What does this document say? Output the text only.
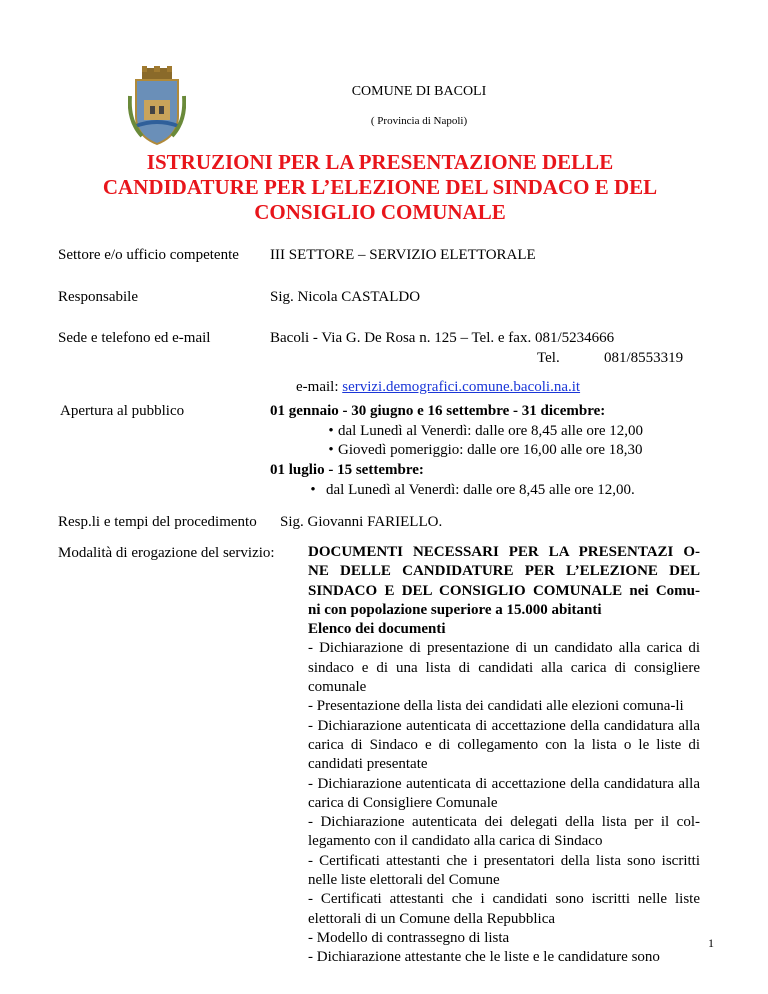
COMUNE DI BACOLI
( Provincia di Napoli)
ISTRUZIONI PER LA PRESENTAZIONE DELLE
CANDIDATURE PER L’ELEZIONE DEL SINDACO E DEL
CONSIGLIO COMUNALE
Settore e/o ufficio competente III SETTORE – SERVIZIO ELETTORALE
Responsabile	Sig. Nicola CASTALDO
Sede e telefono ed e-mail	Bacoli - Via G. De Rosa n. 125 – Tel. e fax. 081/5234666
Tel.	081/8553319
e-mail: servizi.demografici.comune.bacoli.na.it
Apertura al pubblico	01 gennaio - 30 giugno e 16 settembre - 31 dicembre:
• dal Lunedì al Venerdì: dalle ore 8,45 alle ore 12,00
• Giovedì pomeriggio: dalle ore 16,00 alle ore 18,30
01 luglio - 15 settembre:
• dal Lunedì al Venerdì: dalle ore 8,45 alle ore 12,00.
Resp.li e tempi del procedimento Sig. Giovanni FARIELLO.
Modalità di erogazione del servizio: DOCUMENTI NECESSARI PER LA PRESENTAZI O-

NE DELLE CANDIDATURE PER L’ELEZIONE DEL

SINDACO E DEL CONSIGLIO COMUNALE nei Comu-

ni con popolazione superiore a 15.000 abitanti

Elenco dei documenti

- Dichiarazione di presentazione di un candidato alla carica di sindaco e di una lista di candidati alla carica di consigliere comunale

- Presentazione della lista dei candidati alle elezioni comuna-li

- Dichiarazione autenticata di accettazione della candidatura alla carica di Sindaco e di collegamento con la lista o le liste di candidati presentate

- Dichiarazione autenticata di accettazione della candidatura alla carica di Consigliere Comunale

- Dichiarazione autenticata dei delegati della lista per il col-legamento con il candidato alla carica di Sindaco

- Certificati attestanti che i presentatori della lista sono iscritti nelle liste elettorali del Comune

- Certificati attestanti che i candidati sono iscritti nelle liste elettorali di un Comune della Repubblica

- Modello di contrassegno di lista

- Dichiarazione attestante che le liste e le candidature sono

1
